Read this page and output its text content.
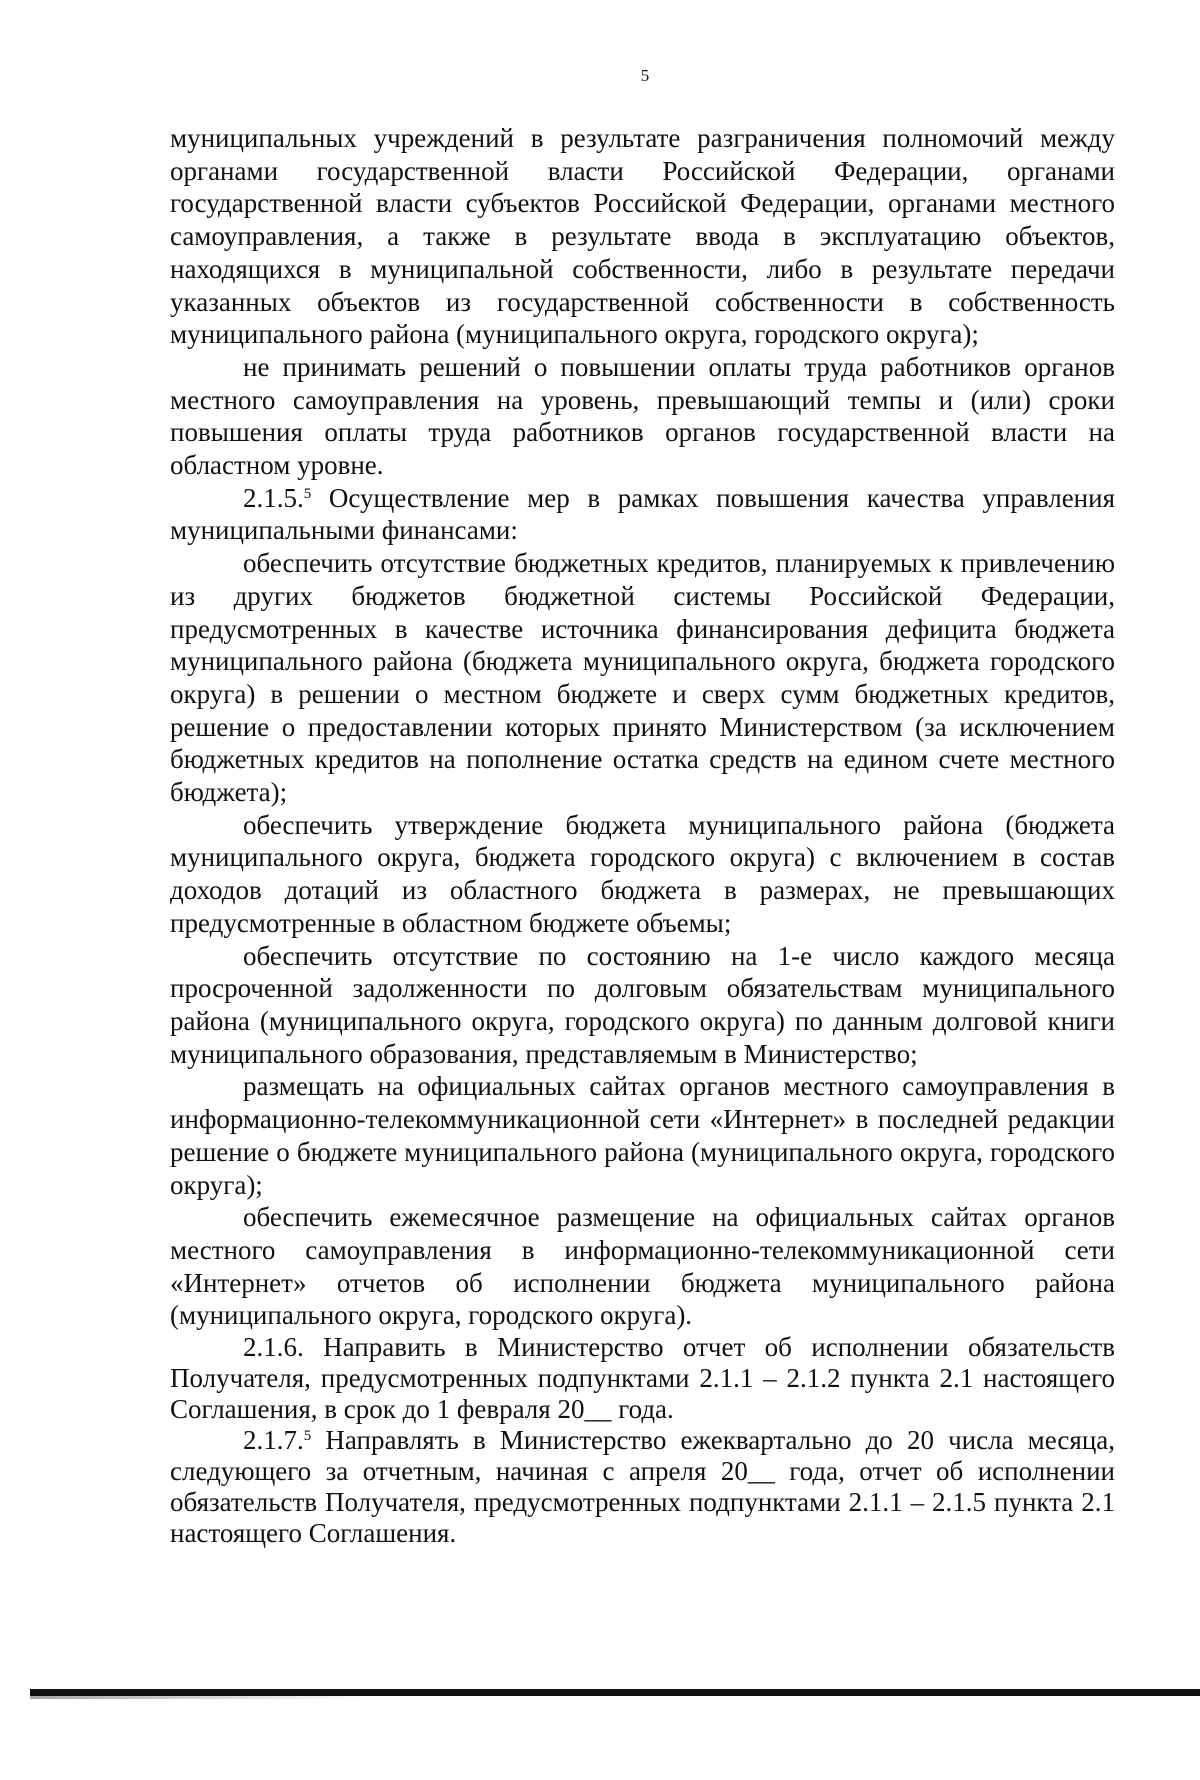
5

муниципальных учреждений в результате разграничения полномочий между органами государственной власти Российской Федерации, органами государственной власти субъектов Российской Федерации, органами местного самоуправления, а также в результате ввода в эксплуатацию объектов, находящихся в муниципальной собственности, либо в результате передачи указанных объектов из государственной собственности в собственность муниципального района (муниципального округа, городского округа);

не принимать решений о повышении оплаты труда работников органов местного самоуправления на уровень, превышающий темпы и (или) сроки повышения оплаты труда работников органов государственной власти на областном уровне.

2.1.5.$^5$ Осуществление мер в рамках повышения качества управления муниципальными финансами:

обеспечить отсутствие бюджетных кредитов, планируемых к привлечению из других бюджетов бюджетной системы Российской Федерации, предусмотренных в качестве источника финансирования дефицита бюджета муниципального района (бюджета муниципального округа, бюджета городского округа) в решении о местном бюджете и сверх сумм бюджетных кредитов, решение о предоставлении которых принято Министерством (за исключением бюджетных кредитов на пополнение остатка средств на едином счете местного бюджета);

обеспечить утверждение бюджета муниципального района (бюджета муниципального округа, бюджета городского округа) с включением в состав доходов дотаций из областного бюджета в размерах, не превышающих предусмотренные в областном бюджете объемы;

обеспечить отсутствие по состоянию на 1-е число каждого месяца просроченной задолженности по долговым обязательствам муниципального района (муниципального округа, городского округа) по данным долговой книги муниципального образования, представляемым в Министерство;

размещать на официальных сайтах органов местного самоуправления в информационно-телекоммуникационной сети «Интернет» в последней редакции решение о бюджете муниципального района (муниципального округа, городского округа);

обеспечить ежемесячное размещение на официальных сайтах органов местного самоуправления в информационно-телекоммуникационной сети «Интернет» отчетов об исполнении бюджета муниципального района (муниципального округа, городского округа).

2.1.6. Направить в Министерство отчет об исполнении обязательств Получателя, предусмотренных подпунктами 2.1.1 – 2.1.2 пункта 2.1 настоящего Соглашения, в срок до 1 февраля 20__ года.

2.1.7.$^5$ Направлять в Министерство ежеквартально до 20 числа месяца, следующего за отчетным, начиная с апреля 20__ года, отчет об исполнении обязательств Получателя, предусмотренных подпунктами 2.1.1 – 2.1.5 пункта 2.1 настоящего Соглашения.
